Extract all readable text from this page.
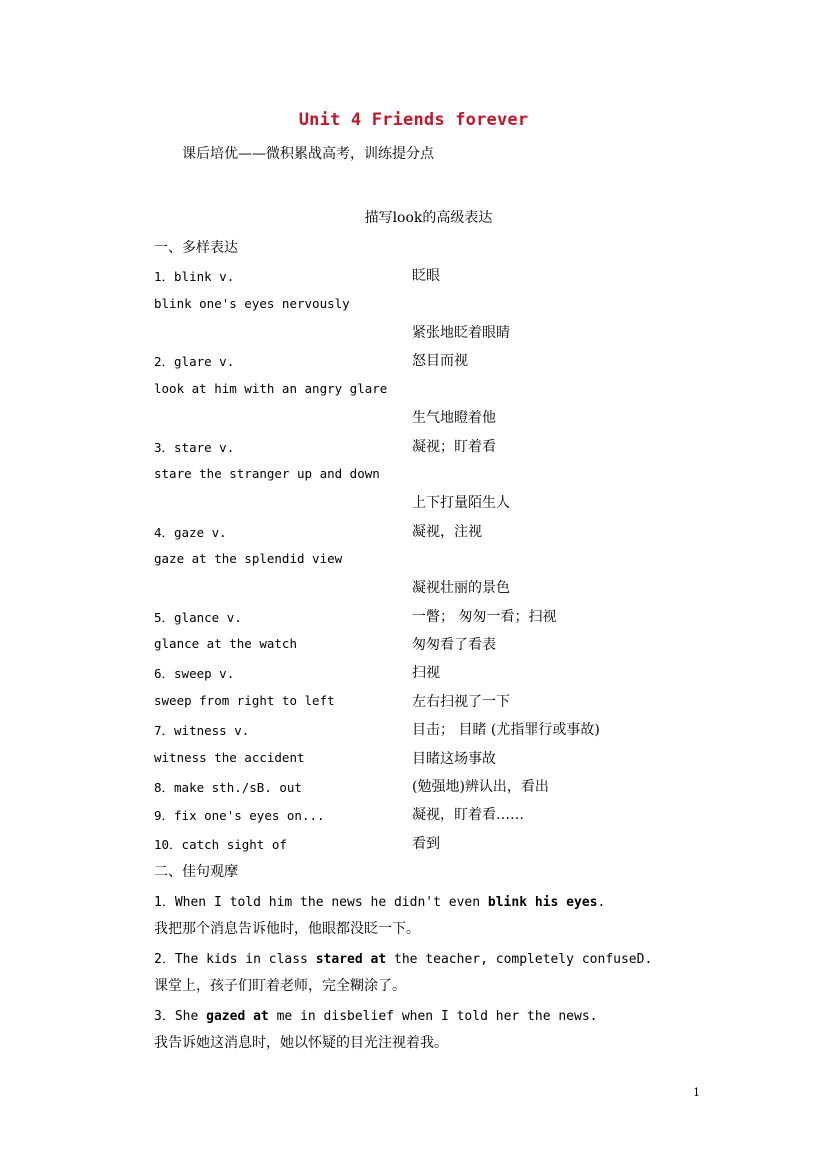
Unit 4 Friends forever
课后培优——微积累战高考，训练提分点
描写look的高级表达
一、多样表达
1．blink v.	眨眼
blink one's eyes nervously
紧张地眨着眼睛
2．glare v.	怒目而视
look at him with an angry glare
生气地瞪着他
3．stare v.	凝视；盯着看
stare the stranger up and down
上下打量陌生人
4．gaze v.	凝视，注视
gaze at the splendid view
凝视壮丽的景色
5．glance v.	一瞥； 匆匆一看；扫视
glance at the watch	匆匆看了看表
6．sweep v.	扫视
sweep from right to left	左右扫视了一下
7．witness v.	目击； 目睹 (尤指罪行或事故)
witness the accident	目睹这场事故
8．make sth./sB. out	(勉强地)辨认出，看出
9．fix one's eyes on...	凝视，盯着看……
10．catch sight of	看到
二、佳句观摩
1．When I told him the news he didn't even blink his eyes.
我把那个消息告诉他时，他眼都没眨一下。
2．The kids in class stared at the teacher, completely confuseD.
课堂上，孩子们盯着老师，完全糊涂了。
3．She gazed at me in disbelief when I told her the news.
我告诉她这消息时，她以怀疑的目光注视着我。
1
